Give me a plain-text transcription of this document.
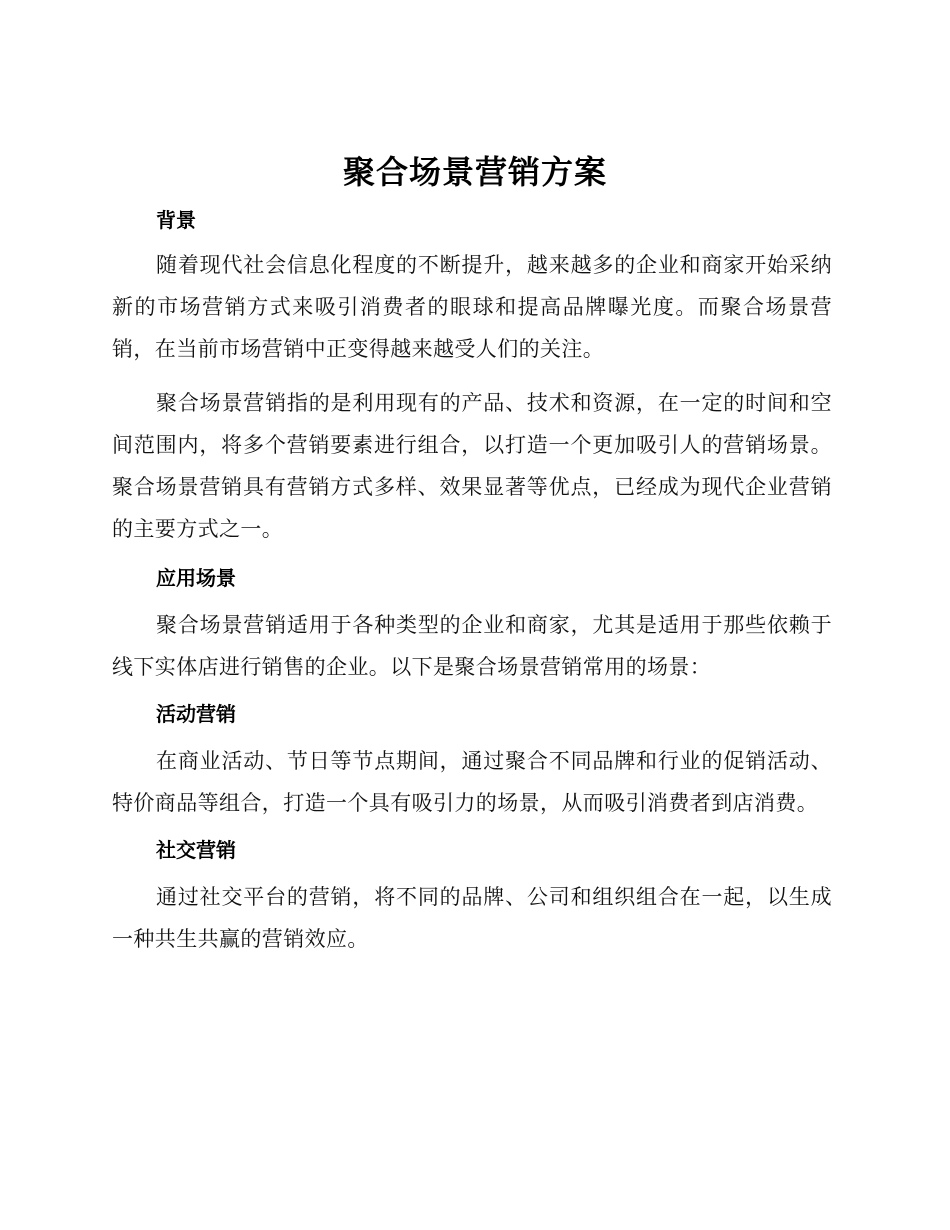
聚合场景营销方案
背景

随着现代社会信息化程度的不断提升，越来越多的企业和商家开始采纳新的市场营销方式来吸引消费者的眼球和提高品牌曝光度。而聚合场景营销，在当前市场营销中正变得越来越受人们的关注。

聚合场景营销指的是利用现有的产品、技术和资源，在一定的时间和空间范围内，将多个营销要素进行组合，以打造一个更加吸引人的营销场景。聚合场景营销具有营销方式多样、效果显著等优点，已经成为现代企业营销的主要方式之一。

应用场景

聚合场景营销适用于各种类型的企业和商家，尤其是适用于那些依赖于线下实体店进行销售的企业。以下是聚合场景营销常用的场景：

活动营销

在商业活动、节日等节点期间，通过聚合不同品牌和行业的促销活动、特价商品等组合，打造一个具有吸引力的场景，从而吸引消费者到店消费。

社交营销

通过社交平台的营销，将不同的品牌、公司和组织组合在一起，以生成一种共生共赢的营销效应。
